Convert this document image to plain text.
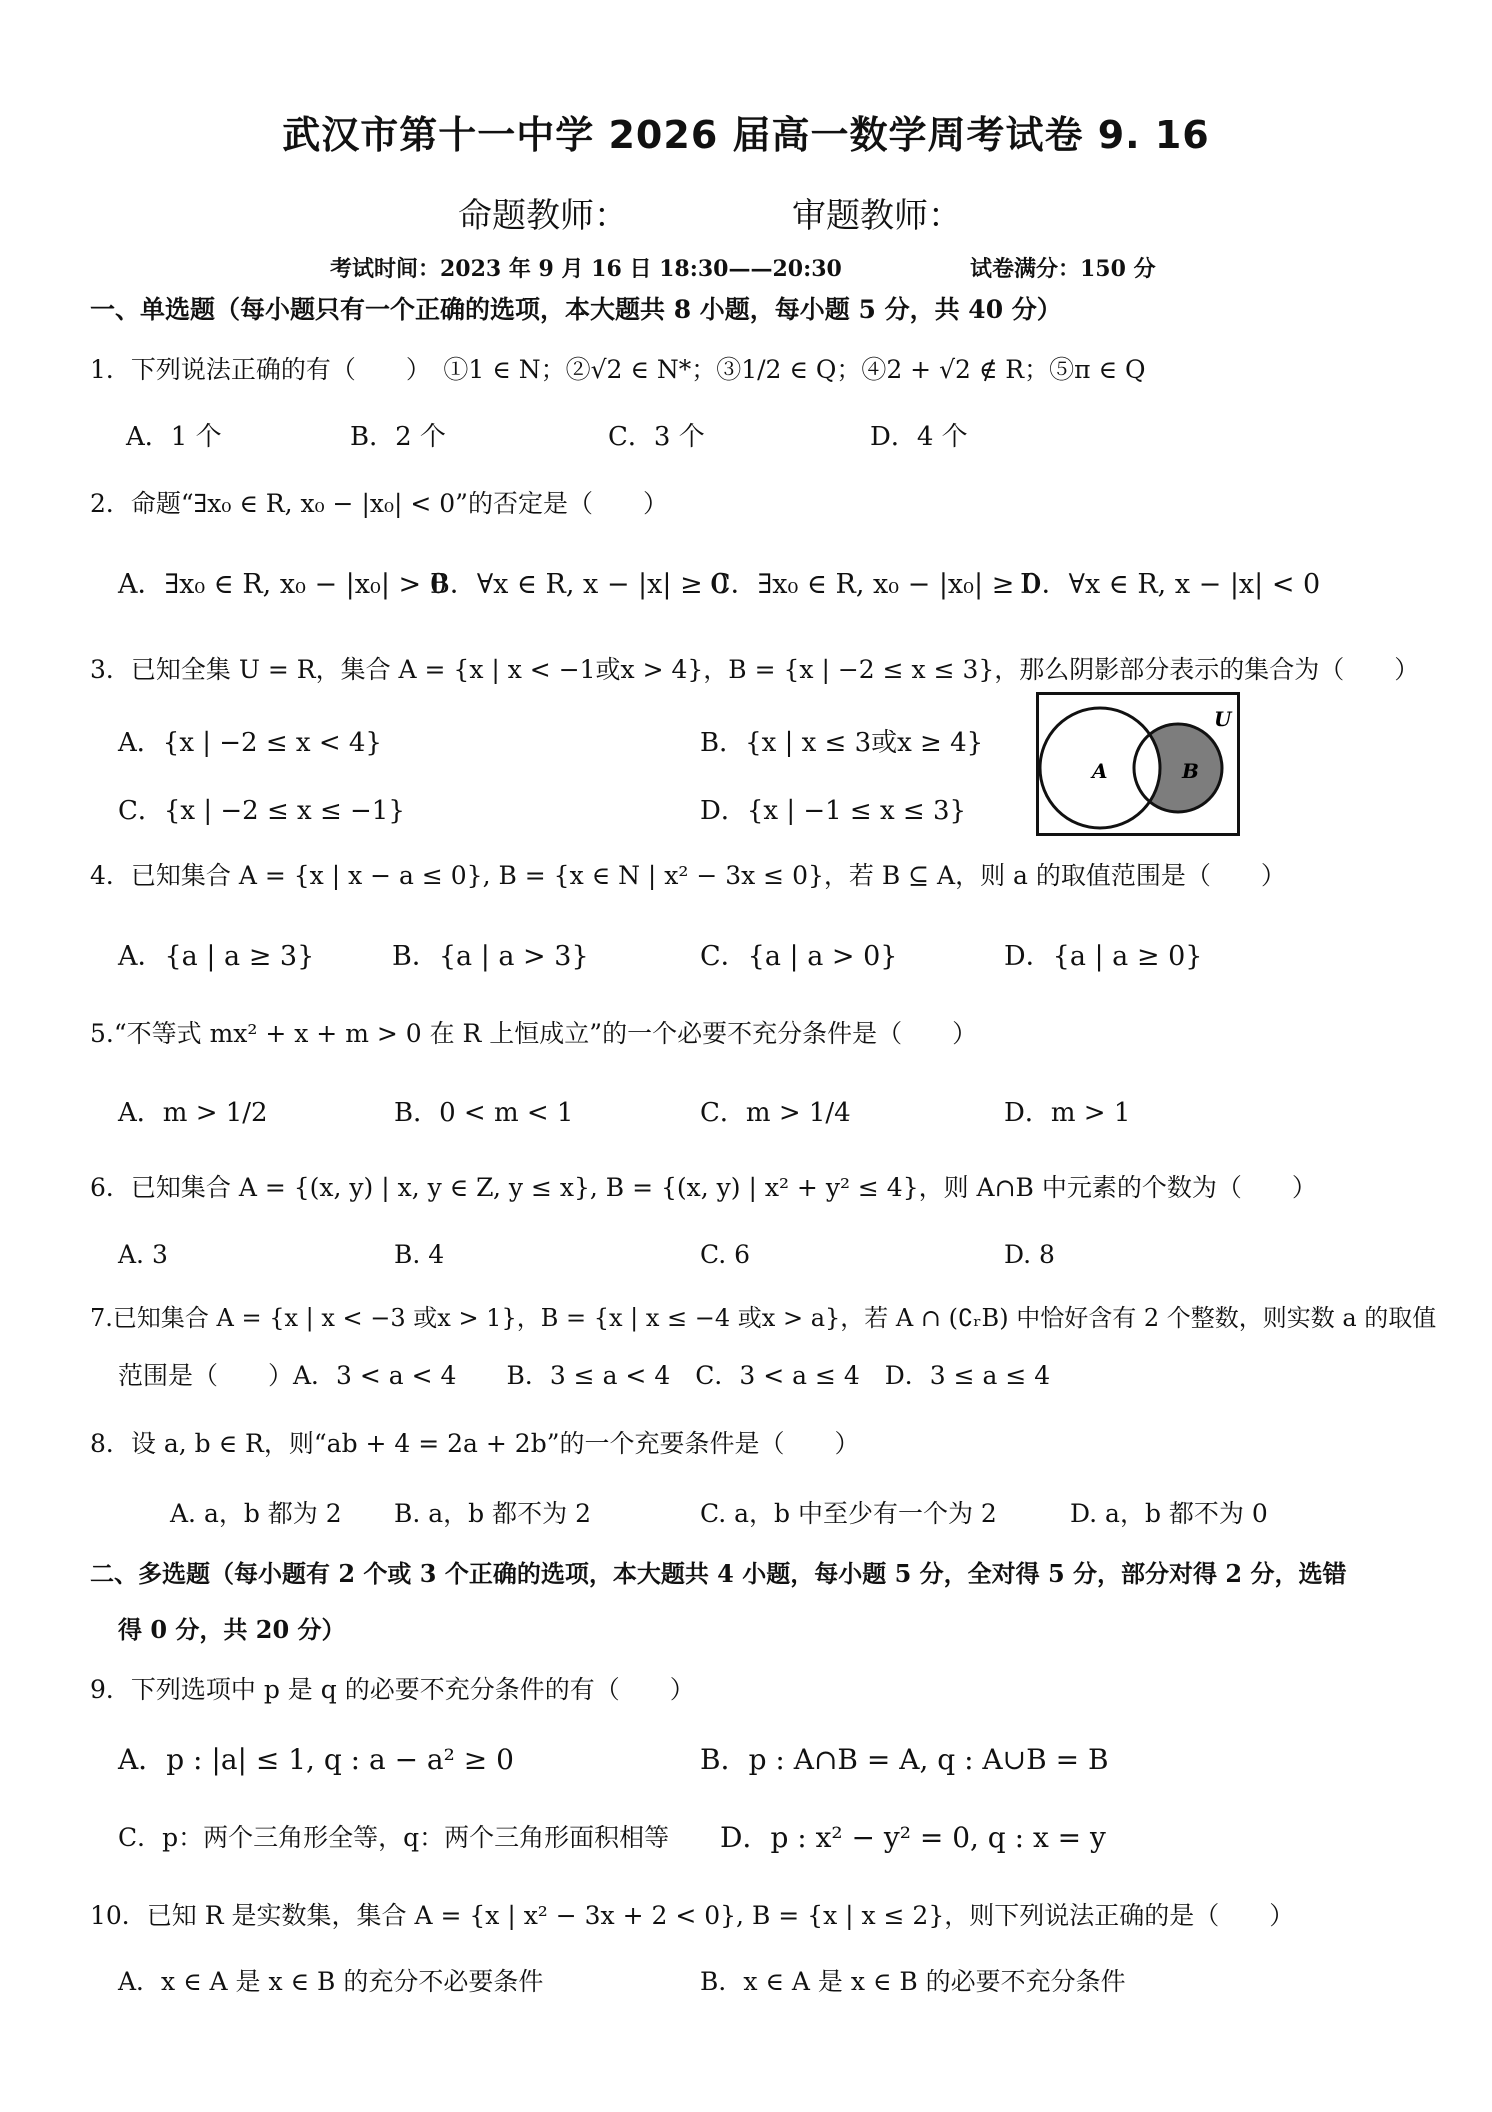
武汉市第十一中学 2026 届高一数学周考试卷 9. 16
命题教师：	审题教师：
考试时间：2023 年 9 月 16 日 18:30——20:30	试卷满分：150 分
一、单选题（每小题只有一个正确的选项，本大题共 8 小题，每小题 5 分，共 40 分）
1．下列说法正确的有（　　）　①1 ∈ N；②√2 ∈ N*；③1/2 ∈ Q；④2 + √2 ∉ R；⑤π ∈ Q
A．1 个	B．2 个	C．3 个	D．4 个
2．命题“∃x₀ ∈ R, x₀ − |x₀| < 0”的否定是（　　）
A．∃x₀ ∈ R, x₀ − |x₀| > 0
B．∀x ∈ R, x − |x| ≥ 0
C．∃x₀ ∈ R, x₀ − |x₀| ≥ 0
D．∀x ∈ R, x − |x| < 0
3．已知全集 U = R，集合 A = {x | x < −1或x > 4}，B = {x | −2 ≤ x ≤ 3}，那么阴影部分表示的集合为（　　）
A．{x | −2 ≤ x < 4}	B．{x | x ≤ 3或x ≥ 4}
C．{x | −2 ≤ x ≤ −1}	D．{x | −1 ≤ x ≤ 3}
U
A	B
4．已知集合 A = {x | x − a ≤ 0}, B = {x ∈ N | x² − 3x ≤ 0}，若 B ⊆ A，则 a 的取值范围是（　　）
A．{a | a ≥ 3}	B．{a | a > 3}	C．{a | a > 0}	D．{a | a ≥ 0}
5.“不等式 mx² + x + m > 0 在 R 上恒成立”的一个必要不充分条件是（　　）
A．m > 1/2	B．0 < m < 1	C．m > 1/4	D．m > 1
6．已知集合 A = {(x, y) | x, y ∈ Z, y ≤ x}, B = {(x, y) | x² + y² ≤ 4}，则 A∩B 中元素的个数为（　　）
A. 3	B. 4	C. 6	D. 8
7.已知集合 A = {x | x < −3 或x > 1}，B = {x | x ≤ −4 或x > a}，若 A ∩ (∁ᵣB) 中恰好含有 2 个整数，则实数 a 的取值
范围是（　　）A．3 < a < 4　　B．3 ≤ a < 4　C．3 < a ≤ 4　D．3 ≤ a ≤ 4
8．设 a, b ∈ R，则“ab + 4 = 2a + 2b”的一个充要条件是（　　）
A. a，b 都为 2 B. a，b 都不为 2	C. a，b 中至少有一个为 2	D. a，b 都不为 0
二、多选题（每小题有 2 个或 3 个正确的选项，本大题共 4 小题，每小题 5 分，全对得 5 分，部分对得 2 分，选错
得 0 分，共 20 分）
9．下列选项中 p 是 q 的必要不充分条件的有（　　）
A．p : |a| ≤ 1, q : a − a² ≥ 0	B．p : A∩B = A, q : A∪B = B
C．p：两个三角形全等，q：两个三角形面积相等 D．p : x² − y² = 0, q : x = y
10．已知 R 是实数集，集合 A = {x | x² − 3x + 2 < 0}, B = {x | x ≤ 2}，则下列说法正确的是（　　）
A．x ∈ A 是 x ∈ B 的充分不必要条件	B．x ∈ A 是 x ∈ B 的必要不充分条件
